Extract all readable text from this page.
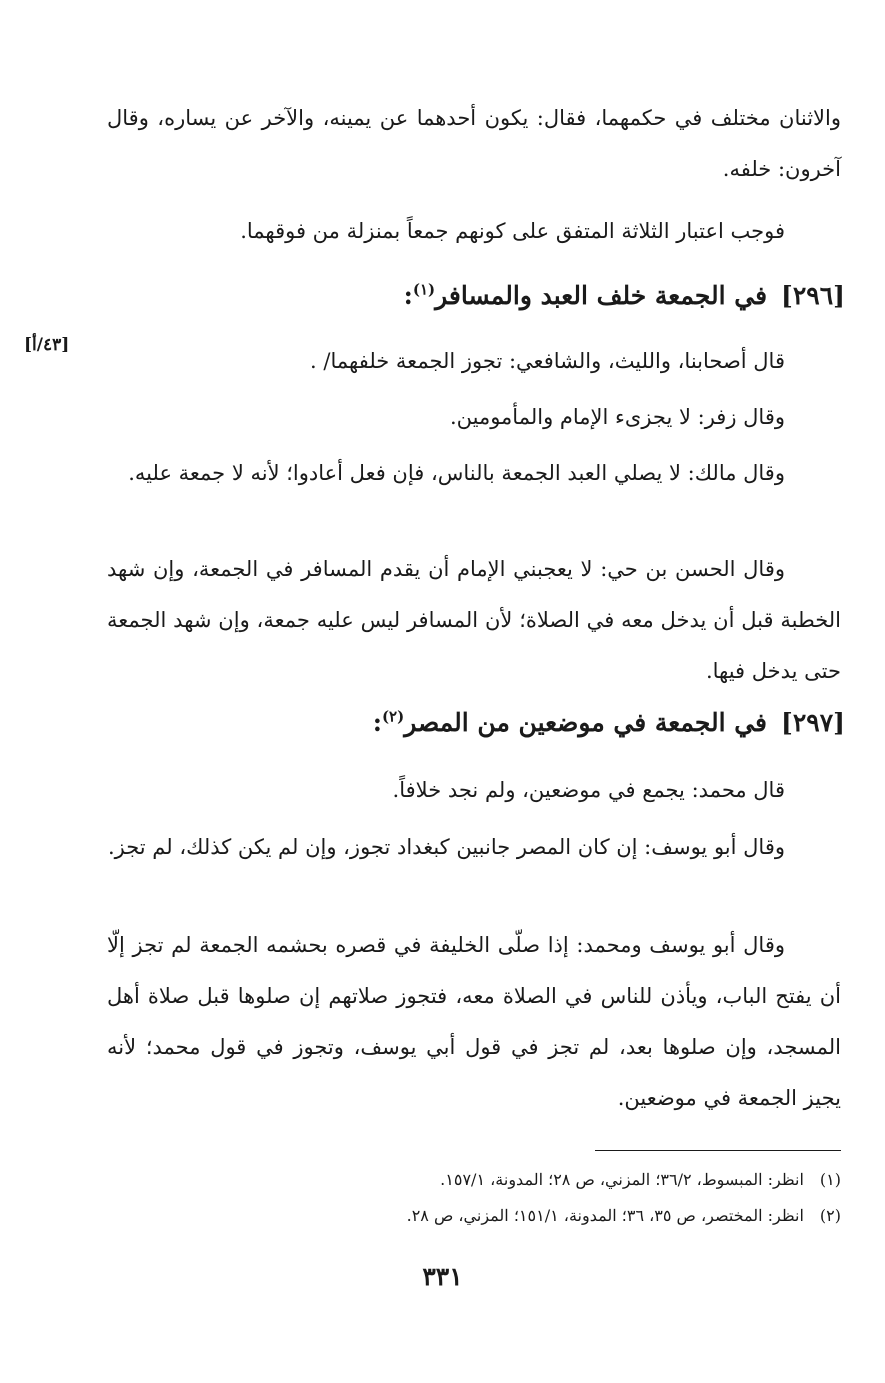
والاثنان مختلف في حكمهما، فقال: يكون أحدهما عن يمينه، والآخر عن يساره، وقال آخرون: خلفه.

فوجب اعتبار الثلاثة المتفق على كونهم جمعاً بمنزلة من فوقهما.

[٢٩٦]في الجمعة خلف العبد والمسافر$^{(١)}$:
[٤٣/أ]

قال أصحابنا، والليث، والشافعي: تجوز الجمعة خلفهما/ .

وقال زفر: لا يجزىء الإمام والمأمومين.

وقال مالك: لا يصلي العبد الجمعة بالناس، فإن فعل أعادوا؛ لأنه لا جمعة عليه.

وقال الحسن بن حي: لا يعجبني الإمام أن يقدم المسافر في الجمعة، وإن شهد الخطبة قبل أن يدخل معه في الصلاة؛ لأن المسافر ليس عليه جمعة، وإن شهد الجمعة حتى يدخل فيها.

[٢٩٧]في الجمعة في موضعين من المصر$^{(٢)}$:

قال محمد: يجمع في موضعين، ولم نجد خلافاً.

وقال أبو يوسف: إن كان المصر جانبين كبغداد تجوز، وإن لم يكن كذلك، لم تجز.

وقال أبو يوسف ومحمد: إذا صلّى الخليفة في قصره بحشمه الجمعة لم تجز إلّا أن يفتح الباب، ويأذن للناس في الصلاة معه، فتجوز صلاتهم إن صلوها قبل صلاة أهل المسجد، وإن صلوها بعد، لم تجز في قول أبي يوسف، وتجوز في قول محمد؛ لأنه يجيز الجمعة في موضعين.

(١)انظر: المبسوط، ٣٦/٢؛ المزني، ص ٢٨؛ المدونة، ١٥٧/١.
(٢)انظر: المختصر، ص ٣٥، ٣٦؛ المدونة، ١٥١/١؛ المزني، ص ٢٨.
٣٣١
